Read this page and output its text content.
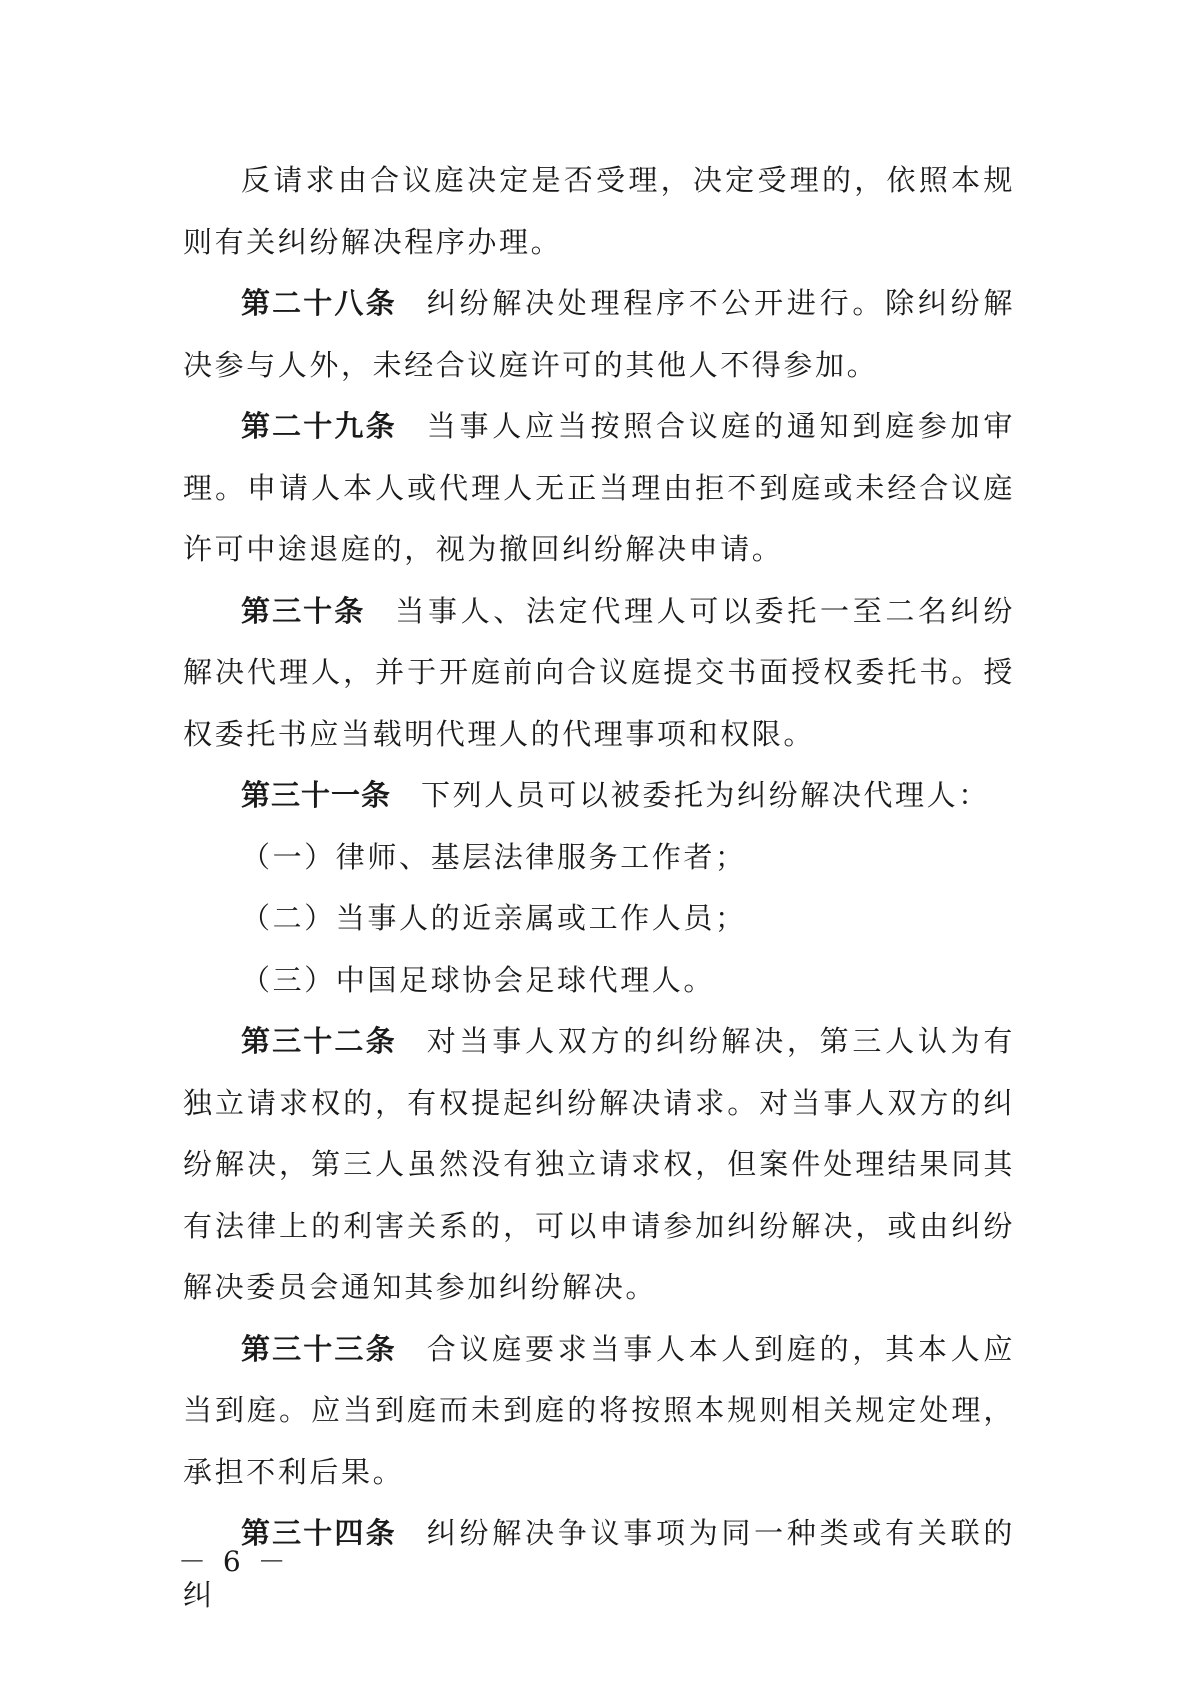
反请求由合议庭决定是否受理，决定受理的，依照本规则有关纠纷解决程序办理。

第二十八条 纠纷解决处理程序不公开进行。除纠纷解决参与人外，未经合议庭许可的其他人不得参加。

第二十九条 当事人应当按照合议庭的通知到庭参加审理。申请人本人或代理人无正当理由拒不到庭或未经合议庭许可中途退庭的，视为撤回纠纷解决申请。

第三十条 当事人、法定代理人可以委托一至二名纠纷解决代理人，并于开庭前向合议庭提交书面授权委托书。授权委托书应当载明代理人的代理事项和权限。

第三十一条 下列人员可以被委托为纠纷解决代理人：

（一）律师、基层法律服务工作者；

（二）当事人的近亲属或工作人员；

（三）中国足球协会足球代理人。

第三十二条 对当事人双方的纠纷解决，第三人认为有独立请求权的，有权提起纠纷解决请求。对当事人双方的纠纷解决，第三人虽然没有独立请求权，但案件处理结果同其有法律上的利害关系的，可以申请参加纠纷解决，或由纠纷解决委员会通知其参加纠纷解决。

第三十三条 合议庭要求当事人本人到庭的，其本人应当到庭。应当到庭而未到庭的将按照本规则相关规定处理，承担不利后果。

第三十四条 纠纷解决争议事项为同一种类或有关联的纠

－ 6 －
